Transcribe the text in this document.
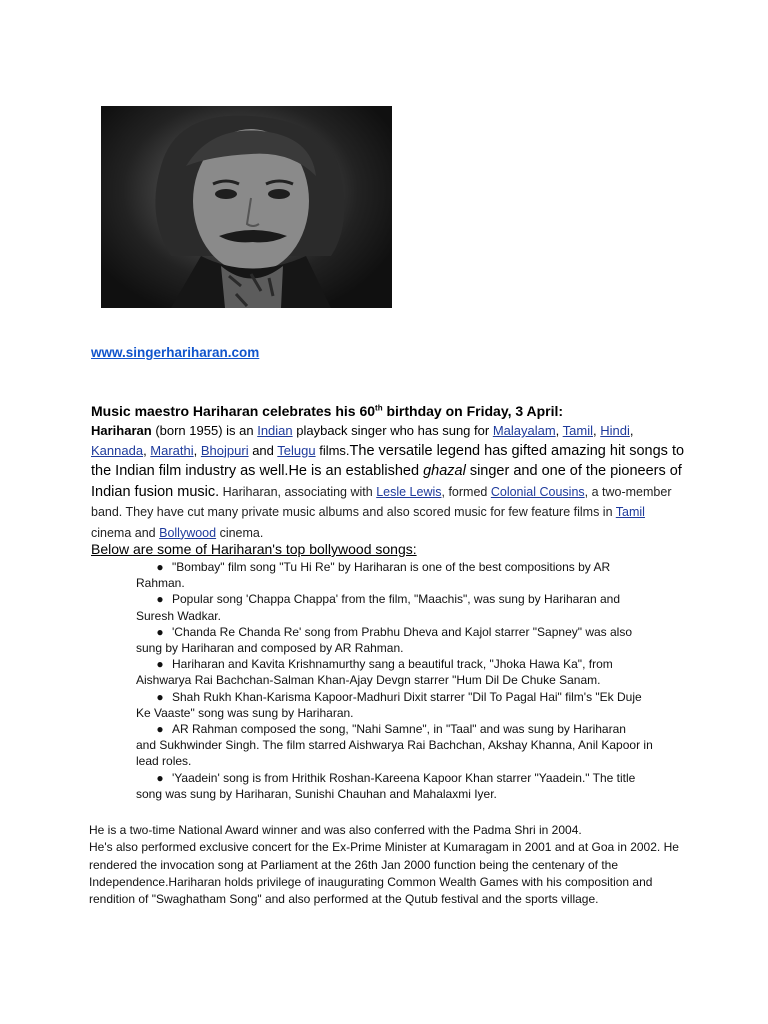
www.singerhariharan.com
Music maestro Hariharan celebrates his 60th birthday on Friday, 3 April:
Hariharan (born 1955) is an Indian playback singer who has sung for Malayalam, Tamil, Hindi, Kannada, Marathi, Bhojpuri and Telugu films.The versatile legend has gifted amazing hit songs to the Indian film industry as well.He is an established ghazal singer and one of the pioneers of Indian fusion music. Hariharan, associating with Lesle Lewis, formed Colonial Cousins, a two-member band. They have cut many private music albums and also scored music for few feature films in Tamil cinema and Bollywood cinema.
Below are some of Hariharan's top bollywood songs:
● "Bombay" film song "Tu Hi Re" by Hariharan is one of the best compositions by AR
Rahman.
● Popular song 'Chappa Chappa' from the film, "Maachis", was sung by Hariharan and
Suresh Wadkar.
● 'Chanda Re Chanda Re' song from Prabhu Dheva and Kajol starrer "Sapney" was also
sung by Hariharan and composed by AR Rahman.
● Hariharan and Kavita Krishnamurthy sang a beautiful track, "Jhoka Hawa Ka", from
Aishwarya Rai Bachchan-Salman Khan-Ajay Devgn starrer "Hum Dil De Chuke Sanam.
● Shah Rukh Khan-Karisma Kapoor-Madhuri Dixit starrer "Dil To Pagal Hai" film's "Ek Duje
Ke Vaaste" song was sung by Hariharan.
● AR Rahman composed the song, "Nahi Samne", in "Taal" and was sung by Hariharan
and Sukhwinder Singh. The film starred Aishwarya Rai Bachchan, Akshay Khanna, Anil Kapoor in lead roles.
● 'Yaadein' song is from Hrithik Roshan-Kareena Kapoor Khan starrer "Yaadein." The title
song was sung by Hariharan, Sunishi Chauhan and Mahalaxmi Iyer.
He is a two-time National Award winner and was also conferred with the Padma Shri in 2004.
He's also performed exclusive concert for the Ex-Prime Minister at Kumaragam in 2001 and at Goa in 2002. He rendered the invocation song at Parliament at the 26th Jan 2000 function being the centenary of the Independence.Hariharan holds privilege of inaugurating Common Wealth Games with his composition and rendition of "Swaghatham Song" and also performed at the Qutub festival and the sports village.
